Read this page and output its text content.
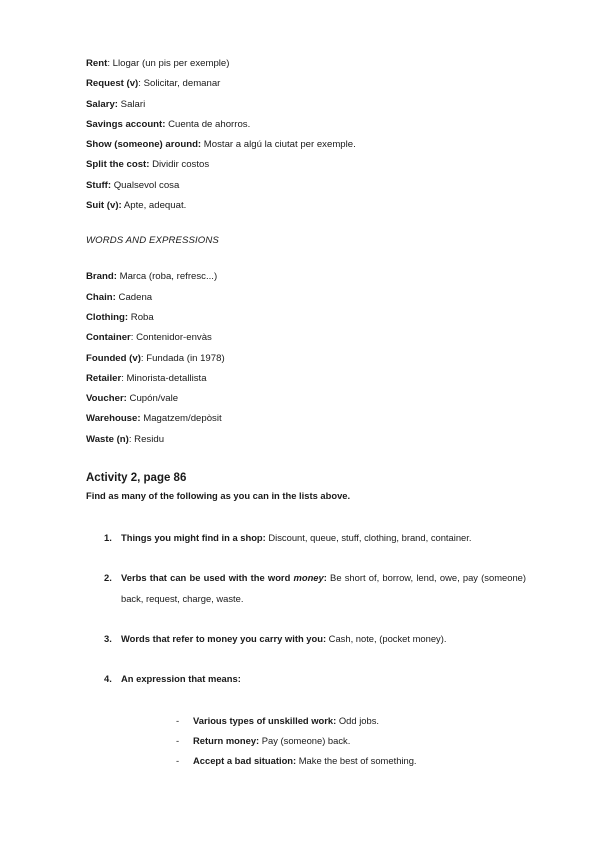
Rent: Llogar (un pis per exemple)
Request (v): Solicitar, demanar
Salary: Salari
Savings account: Cuenta de ahorros.
Show (someone) around: Mostar a algú la ciutat per exemple.
Split the cost: Dividir costos
Stuff: Qualsevol cosa
Suit (v): Apte, adequat.
WORDS AND EXPRESSIONS
Brand: Marca (roba, refresc...)
Chain: Cadena
Clothing: Roba
Container: Contenidor-envàs
Founded (v): Fundada (in 1978)
Retailer: Minorista-detallista
Voucher: Cupón/vale
Warehouse: Magatzem/depòsit
Waste (n): Residu
Activity 2, page 86
Find as many of the following as you can in the lists above.
1. Things you might find in a shop: Discount, queue, stuff, clothing, brand, container.
2. Verbs that can be used with the word money: Be short of, borrow, lend, owe, pay (someone) back, request, charge, waste.
3. Words that refer to money you carry with you: Cash, note, (pocket money).
4. An expression that means:
- Various types of unskilled work: Odd jobs.
- Return money: Pay (someone) back.
- Accept a bad situation: Make the best of something.
